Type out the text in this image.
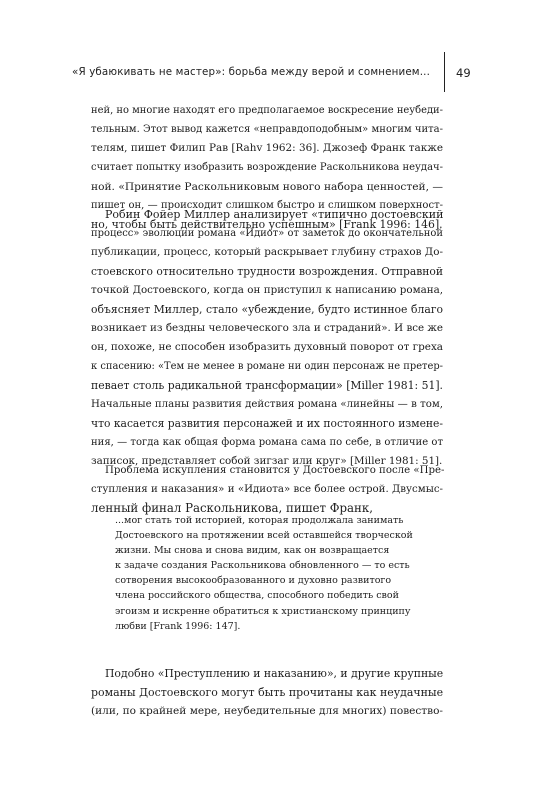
«Я убаюкивать не мастер»: борьба между верой и сомнением... 49
ней, но многие находят его предполагаемое воскресение неубеди-
тельным. Этот вывод кажется «неправдоподобным» многим чита-
телям, пишет Филип Рав [Rahv 1962: 36]. Джозеф Франк также
считает попытку изобразить возрождение Раскольникова неудач-
ной. «Принятие Раскольниковым нового набора ценностей, —
пишет он, — происходит слишком быстро и слишком поверхност-
но, чтобы быть действительно успешным» [Frank 1996: 146].
Робин Фойер Миллер анализирует «типично достоевский
процесс» эволюции романа «Идиот» от заметок до окончательной
публикации, процесс, который раскрывает глубину страхов До-
стоевского относительно трудности возрождения. Отправной
точкой Достоевского, когда он приступил к написанию романа,
объясняет Миллер, стало «убеждение, будто истинное благо
возникает из бездны человеческого зла и страданий». И все же
он, похоже, не способен изобразить духовный поворот от греха
к спасению: «Тем не менее в романе ни один персонаж не претер-
певает столь радикальной трансформации» [Miller 1981: 51].
Начальные планы развития действия романа «линейны — в том,
что касается развития персонажей и их постоянного измене-
ния, — тогда как общая форма романа сама по себе, в отличие от
записок, представляет собой зигзаг или круг» [Miller 1981: 51].
Проблема искупления становится у Достоевского после «Пре-
ступления и наказания» и «Идиота» все более острой. Двусмыс-
ленный финал Раскольникова, пишет Франк,
...мог стать той историей, которая продолжала занимать
Достоевского на протяжении всей оставшейся творческой
жизни. Мы снова и снова видим, как он возвращается
к задаче создания Раскольникова обновленного — то есть
сотворения высокообразованного и духовно развитого
члена российского общества, способного победить свой
эгоизм и искренне обратиться к христианскому принципу
любви [Frank 1996: 147].
Подобно «Преступлению и наказанию», и другие крупные
романы Достоевского могут быть прочитаны как неудачные
(или, по крайней мере, неубедительные для многих) повество-
